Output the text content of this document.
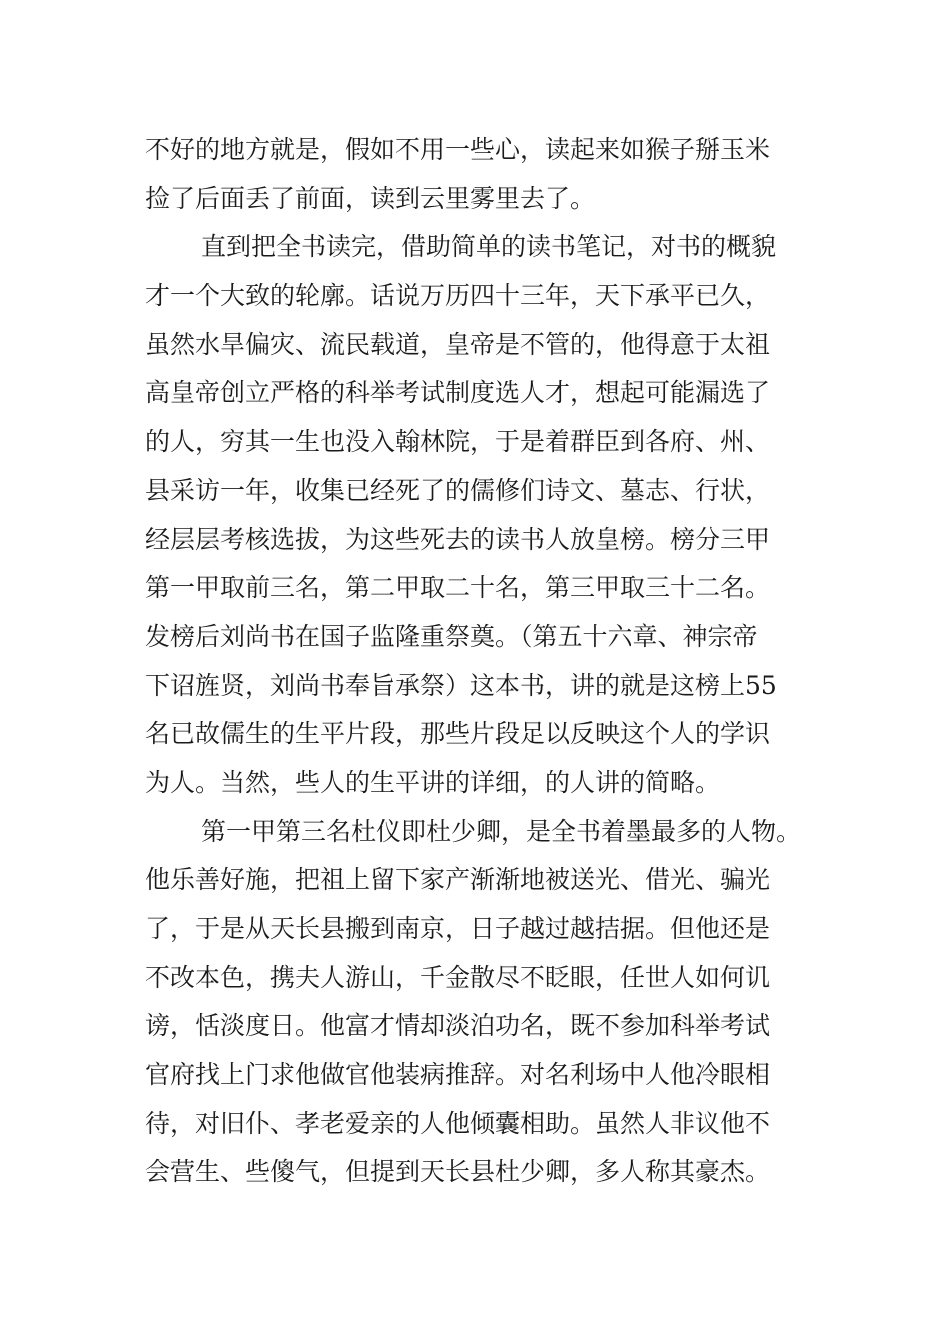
不好的地方就是，假如不用一些心，读起来如猴子掰玉米
捡了后面丢了前面，读到云里雾里去了。
直到把全书读完，借助简单的读书笔记，对书的概貌
才一个大致的轮廓。话说万历四十三年，天下承平已久，
虽然水旱偏灾、流民载道，皇帝是不管的，他得意于太祖
高皇帝创立严格的科举考试制度选人才，想起可能漏选了
的人，穷其一生也没入翰林院，于是着群臣到各府、州、
县采访一年，收集已经死了的儒修们诗文、墓志、行状，
经层层考核选拔，为这些死去的读书人放皇榜。榜分三甲
第一甲取前三名，第二甲取二十名，第三甲取三十二名。
发榜后刘尚书在国子监隆重祭奠。（第五十六章、神宗帝
下诏旌贤，刘尚书奉旨承祭）这本书，讲的就是这榜上55
名已故儒生的生平片段，那些片段足以反映这个人的学识
为人。当然，些人的生平讲的详细，的人讲的简略。
第一甲第三名杜仪即杜少卿，是全书着墨最多的人物。
他乐善好施，把祖上留下家产渐渐地被送光、借光、骗光
了，于是从天长县搬到南京，日子越过越拮据。但他还是
不改本色，携夫人游山，千金散尽不眨眼，任世人如何讥
谤，恬淡度日。他富才情却淡泊功名，既不参加科举考试
官府找上门求他做官他装病推辞。对名利场中人他冷眼相
待，对旧仆、孝老爱亲的人他倾囊相助。虽然人非议他不
会营生、些傻气，但提到天长县杜少卿，多人称其豪杰。
